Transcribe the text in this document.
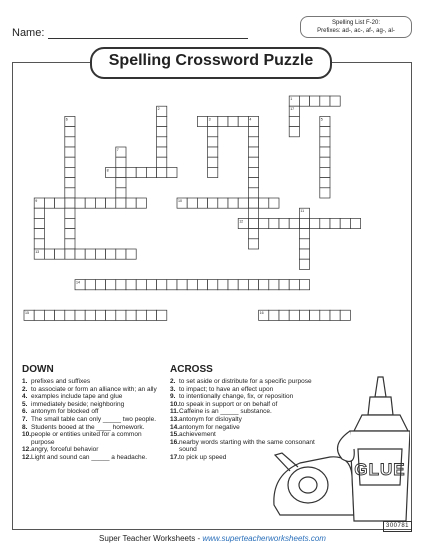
Name:
Spelling List F-20:
Prefixes: ad-, ac-, af-, ag-, al-
Spelling Crossword Puzzle
1
2
3	4	5
6
7
8
9	10
11
12
13
14
15	16
17
DOWN
1. prefixes and suffixes
2. to associate or form an alliance with; an ally
4. examples include tape and glue
5. immediately beside; neighboring
6. antonym for blocked off
7. The small table can only _____ two people.
8. Students booed at the ____ homework.
10. people or entities united for a common purpose
12. angry, forceful behavior
12. Light and sound can _____ a headache.
ACROSS
2. to set aside or distribute for a specific purpose
3. to impact; to have an effect upon
9. to intentionally change, fix, or reposition
10. to speak in support or on behalf of
11. Caffeine is an _____ substance.
13. antonym for disloyalty
14. antonym for negative
15. achievement
16. nearby words starting with the same consonant sound
17. to pick up speed
GLUE
Super Teacher Worksheets - www.superteacherworksheets.com
300781
